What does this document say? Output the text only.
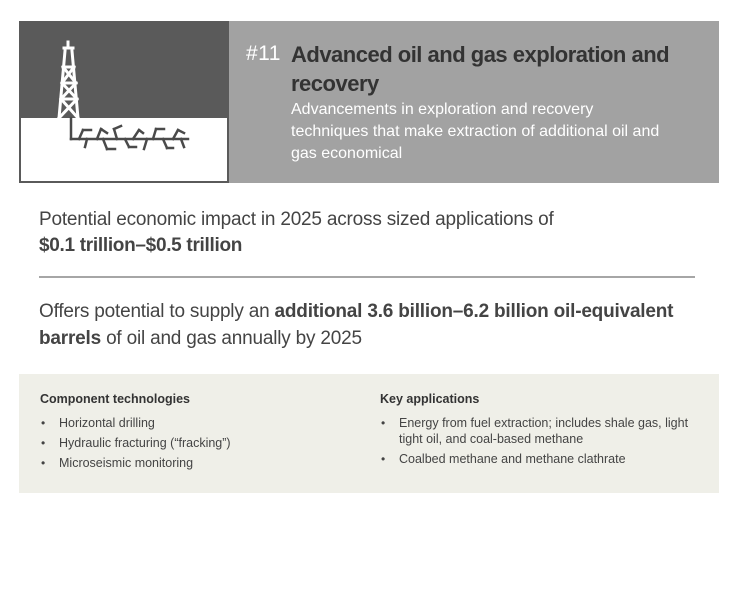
#11 Advanced oil and gas exploration and recovery
Advancements in exploration and recovery techniques that make extraction of additional oil and gas economical
Potential economic impact in 2025 across sized applications of
$0.1 trillion–$0.5 trillion
Offers potential to supply an additional 3.6 billion–6.2 billion oil-equivalent barrels of oil and gas annually by 2025
Component technologies
• Horizontal drilling
• Hydraulic fracturing (“fracking”)
• Microseismic monitoring
Key applications
• Energy from fuel extraction; includes shale gas, light tight oil, and coal-based methane
• Coalbed methane and methane clathrate
